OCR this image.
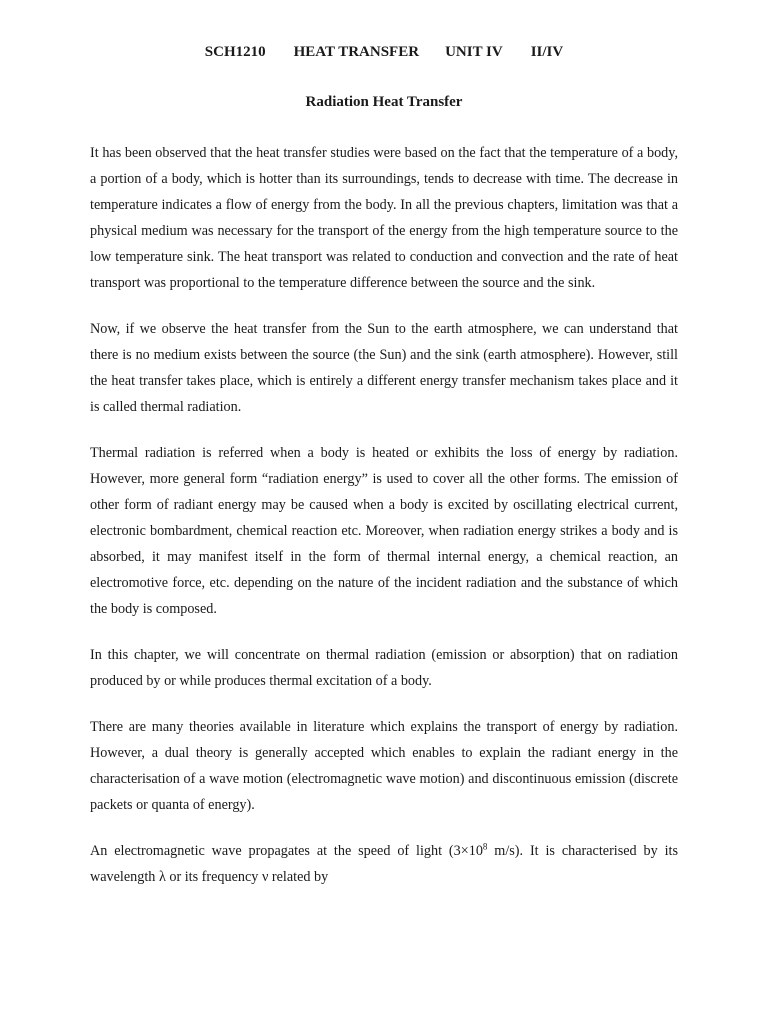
SCH1210 HEAT TRANSFER UNIT IV II/IV
Radiation Heat Transfer

It has been observed that the heat transfer studies were based on the fact that the temperature of a body, a portion of a body, which is hotter than its surroundings, tends to decrease with time. The decrease in temperature indicates a flow of energy from the body. In all the previous chapters, limitation was that a physical medium was necessary for the transport of the energy from the high temperature source to the low temperature sink. The heat transport was related to conduction and convection and the rate of heat transport was proportional to the temperature difference between the source and the sink.

Now, if we observe the heat transfer from the Sun to the earth atmosphere, we can understand that there is no medium exists between the source (the Sun) and the sink (earth atmosphere). However, still the heat transfer takes place, which is entirely a different energy transfer mechanism takes place and it is called thermal radiation.

Thermal radiation is referred when a body is heated or exhibits the loss of energy by radiation. However, more general form “radiation energy” is used to cover all the other forms. The emission of other form of radiant energy may be caused when a body is excited by oscillating electrical current, electronic bombardment, chemical reaction etc. Moreover, when radiation energy strikes a body and is absorbed, it may manifest itself in the form of thermal internal energy, a chemical reaction, an electromotive force, etc. depending on the nature of the incident radiation and the substance of which the body is composed.

In this chapter, we will concentrate on thermal radiation (emission or absorption) that on radiation produced by or while produces thermal excitation of a body.

There are many theories available in literature which explains the transport of energy by radiation. However, a dual theory is generally accepted which enables to explain the radiant energy in the characterisation of a wave motion (electromagnetic wave motion) and discontinuous emission (discrete packets or quanta of energy).

An electromagnetic wave propagates at the speed of light ($3\times 10^8$ m/s). It is characterised by its wavelength λ or its frequency ν related by
